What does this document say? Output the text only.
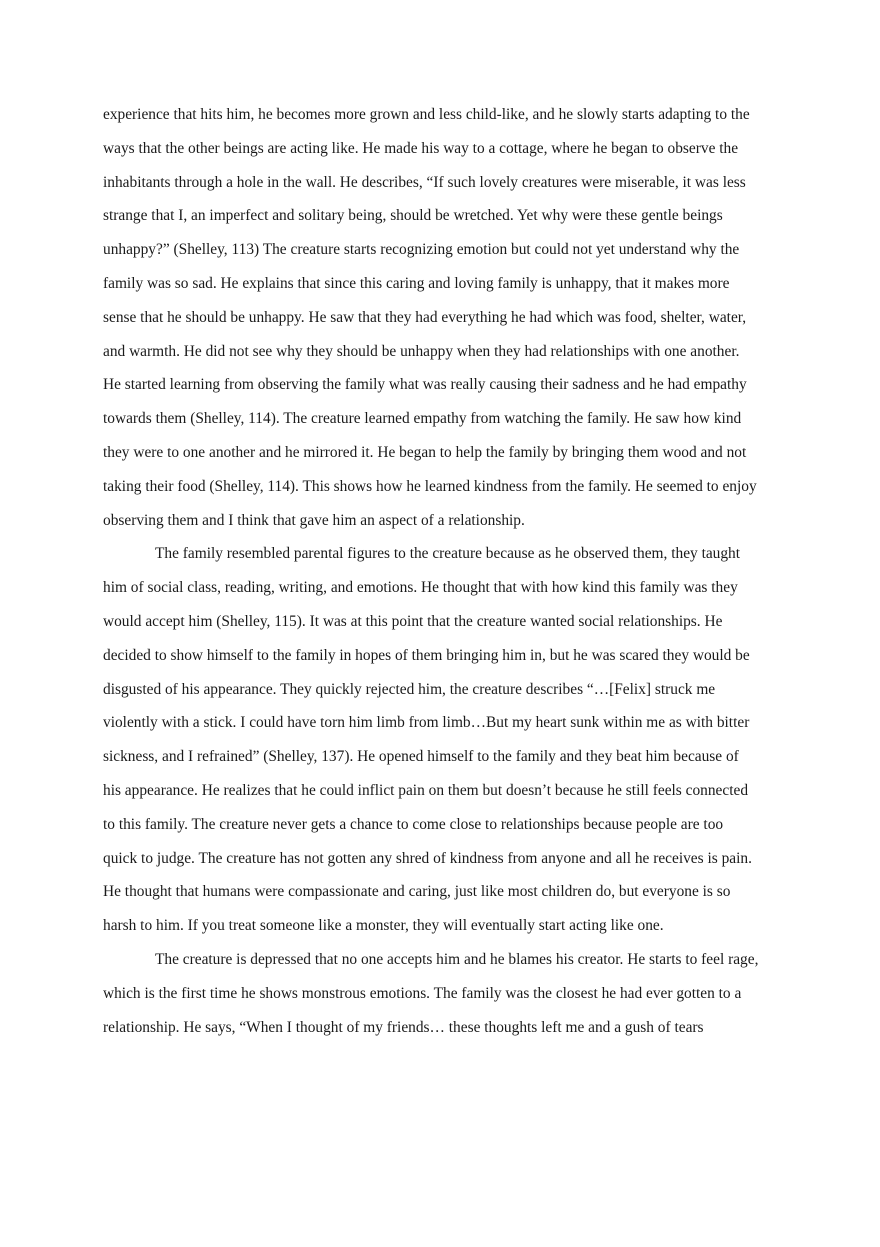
experience that hits him, he becomes more grown and less child-like, and he slowly starts adapting to the
ways that the other beings are acting like. He made his way to a cottage, where he began to observe the
inhabitants through a hole in the wall. He describes, “If such lovely creatures were miserable, it was less
strange that I, an imperfect and solitary being, should be wretched. Yet why were these gentle beings
unhappy?” (Shelley, 113) The creature starts recognizing emotion but could not yet understand why the
family was so sad. He explains that since this caring and loving family is unhappy, that it makes more
sense that he should be unhappy. He saw that they had everything he had which was food, shelter, water,
and warmth. He did not see why they should be unhappy when they had relationships with one another.
He started learning from observing the family what was really causing their sadness and he had empathy
towards them (Shelley, 114). The creature learned empathy from watching the family. He saw how kind
they were to one another and he mirrored it. He began to help the family by bringing them wood and not
taking their food (Shelley, 114). This shows how he learned kindness from the family. He seemed to enjoy
observing them and I think that gave him an aspect of a relationship.
The family resembled parental figures to the creature because as he observed them, they taught
him of social class, reading, writing, and emotions. He thought that with how kind this family was they
would accept him (Shelley, 115). It was at this point that the creature wanted social relationships. He
decided to show himself to the family in hopes of them bringing him in, but he was scared they would be
disgusted of his appearance. They quickly rejected him, the creature describes “…[Felix] struck me
violently with a stick. I could have torn him limb from limb…But my heart sunk within me as with bitter
sickness, and I refrained” (Shelley, 137). He opened himself to the family and they beat him because of
his appearance. He realizes that he could inflict pain on them but doesn’t because he still feels connected
to this family. The creature never gets a chance to come close to relationships because people are too
quick to judge. The creature has not gotten any shred of kindness from anyone and all he receives is pain.
He thought that humans were compassionate and caring, just like most children do, but everyone is so
harsh to him. If you treat someone like a monster, they will eventually start acting like one.
The creature is depressed that no one accepts him and he blames his creator. He starts to feel rage,
which is the first time he shows monstrous emotions. The family was the closest he had ever gotten to a
relationship. He says, “When I thought of my friends… these thoughts left me and a gush of tears
